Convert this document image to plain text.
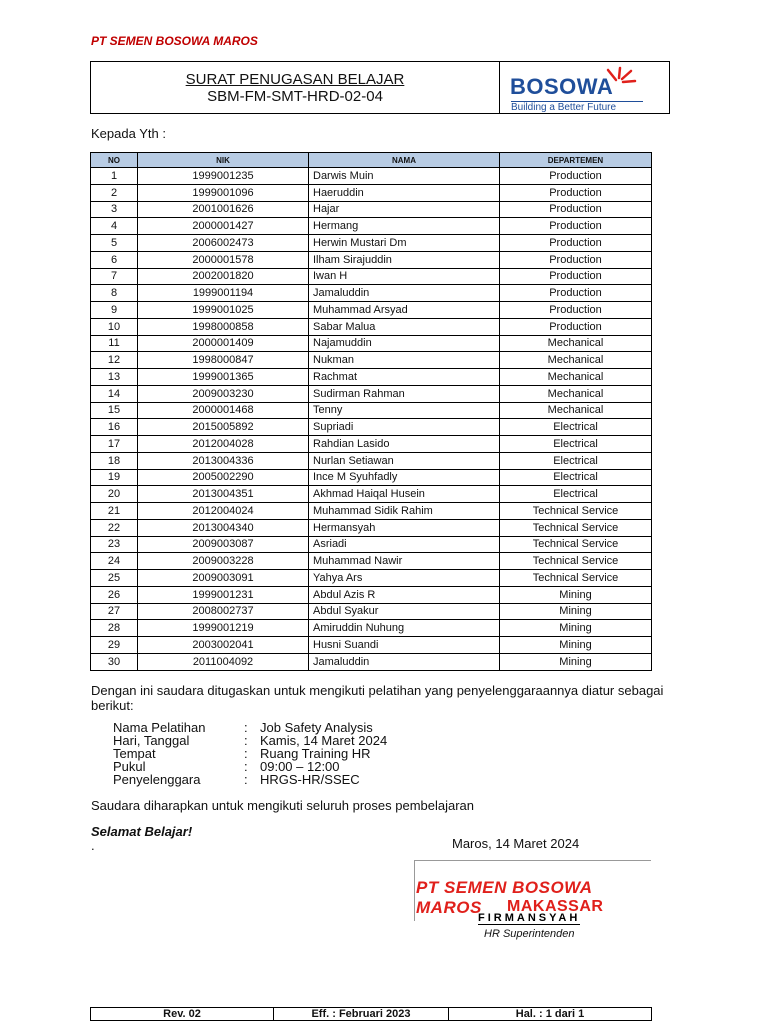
PT SEMEN BOSOWA MAROS
SURAT PENUGASAN BELAJAR
SBM-FM-SMT-HRD-02-04	BOSOWA
Building a Better Future
Kepada Yth :
NO	NIK	NAMA	DEPARTEMEN
1	1999001235	Darwis Muin	Production
2	1999001096	Haeruddin	Production
3	2001001626	Hajar	Production
4	2000001427	Hermang	Production
5	2006002473	Herwin Mustari Dm	Production
6	2000001578	Ilham Sirajuddin	Production
7	2002001820	Iwan H	Production
8	1999001194	Jamaluddin	Production
9	1999001025	Muhammad Arsyad	Production
10	1998000858	Sabar Malua	Production
11	2000001409	Najamuddin	Mechanical
12	1998000847	Nukman	Mechanical
13	1999001365	Rachmat	Mechanical
14	2009003230	Sudirman Rahman	Mechanical
15	2000001468	Tenny	Mechanical
16	2015005892	Supriadi	Electrical
17	2012004028	Rahdian Lasido	Electrical
18	2013004336	Nurlan Setiawan	Electrical
19	2005002290	Ince M Syuhfadly	Electrical
20	2013004351	Akhmad Haiqal Husein	Electrical
21	2012004024	Muhammad Sidik Rahim	Technical Service
22	2013004340	Hermansyah	Technical Service
23	2009003087	Asriadi	Technical Service
24	2009003228	Muhammad Nawir	Technical Service
25	2009003091	Yahya Ars	Technical Service
26	1999001231	Abdul Azis R	Mining
27	2008002737	Abdul Syakur	Mining
28	1999001219	Amiruddin Nuhung	Mining
29	2003002041	Husni Suandi	Mining
30	2011004092	Jamaluddin	Mining
Dengan ini saudara ditugaskan untuk mengikuti pelatihan yang penyelenggaraannya diatur sebagai berikut:
Nama Pelatihan	: Job Safety Analysis
Hari, Tanggal	: Kamis, 14 Maret 2024
Tempat	: Ruang Training HR
Pukul	: 09:00 – 12:00
Penyelenggara	: HRGS-HR/SSEC
Saudara diharapkan untuk mengikuti seluruh proses pembelajaran
Selamat Belajar!
.	Maros, 14 Maret 2024
PT SEMEN BOSOWA MAROS	MAKASSAR
FIRMANSYAH
HR Superintenden
Rev. 02	Eff. : Februari 2023	Hal. : 1 dari 1
